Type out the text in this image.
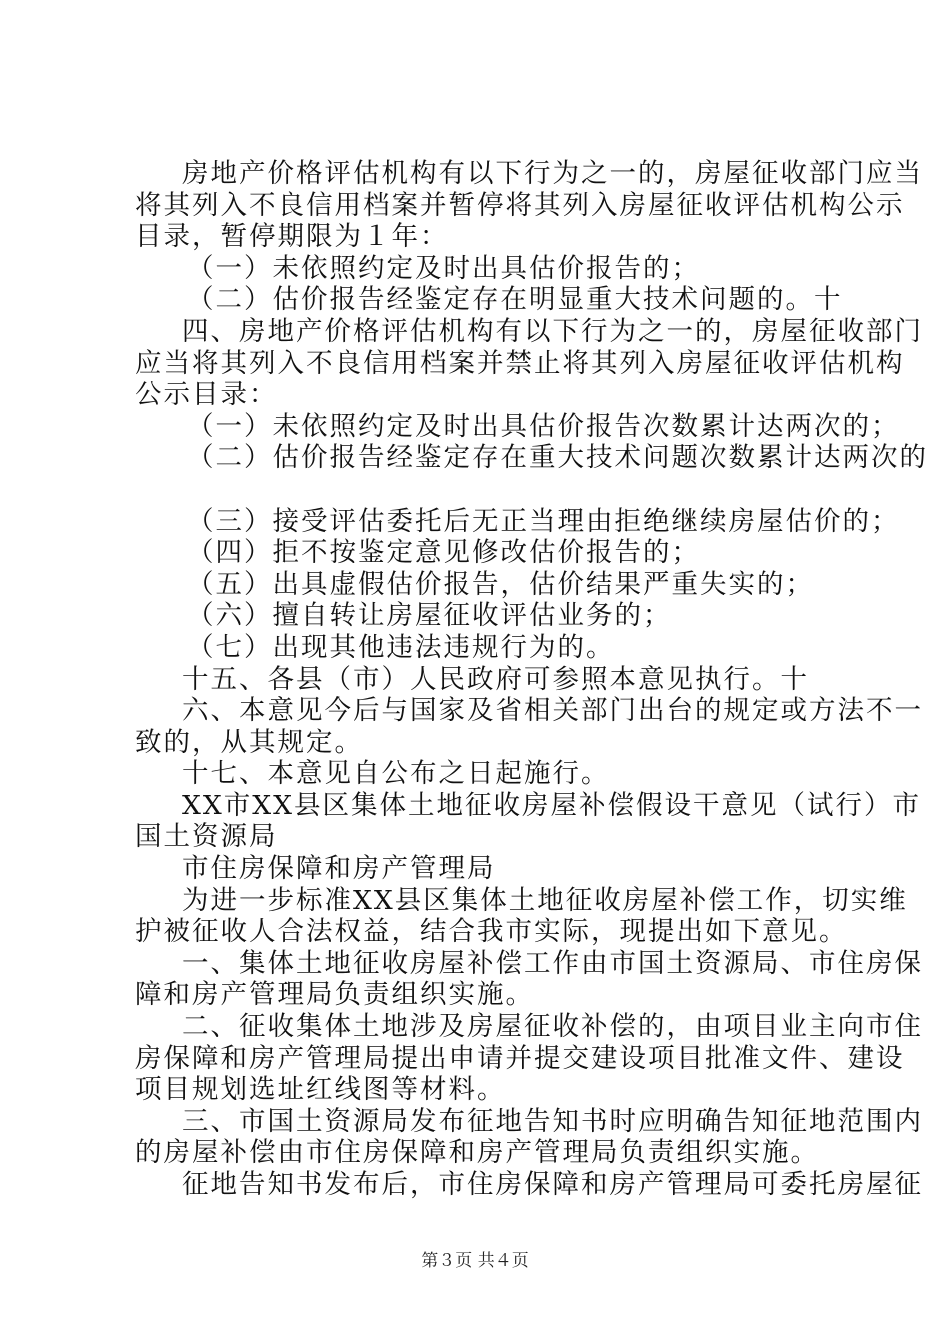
房地产价格评估机构有以下行为之一的，房屋征收部门应当
将其列入不良信用档案并暂停将其列入房屋征收评估机构公示
目录，暂停期限为１年：
（一）未依照约定及时出具估价报告的；
（二）估价报告经鉴定存在明显重大技术问题的。十
四、房地产价格评估机构有以下行为之一的，房屋征收部门
应当将其列入不良信用档案并禁止将其列入房屋征收评估机构
公示目录：
（一）未依照约定及时出具估价报告次数累计达两次的；
（二）估价报告经鉴定存在重大技术问题次数累计达两次的
（三）接受评估委托后无正当理由拒绝继续房屋估价的；
（四）拒不按鉴定意见修改估价报告的；
（五）出具虚假估价报告，估价结果严重失实的；
（六）擅自转让房屋征收评估业务的；
（七）出现其他违法违规行为的。
十五、各县（市）人民政府可参照本意见执行。十
六、本意见今后与国家及省相关部门出台的规定或方法不一
致的，从其规定。
十七、本意见自公布之日起施行。
XX市XX县区集体土地征收房屋补偿假设干意见（试行）市
国土资源局
市住房保障和房产管理局
为进一步标准XX县区集体土地征收房屋补偿工作，切实维
护被征收人合法权益，结合我市实际，现提出如下意见。
一、集体土地征收房屋补偿工作由市国土资源局、市住房保
障和房产管理局负责组织实施。
二、征收集体土地涉及房屋征收补偿的，由项目业主向市住
房保障和房产管理局提出申请并提交建设项目批准文件、建设
项目规划选址红线图等材料。
三、市国土资源局发布征地告知书时应明确告知征地范围内
的房屋补偿由市住房保障和房产管理局负责组织实施。
征地告知书发布后，市住房保障和房产管理局可委托房屋征
第３页 共４页
